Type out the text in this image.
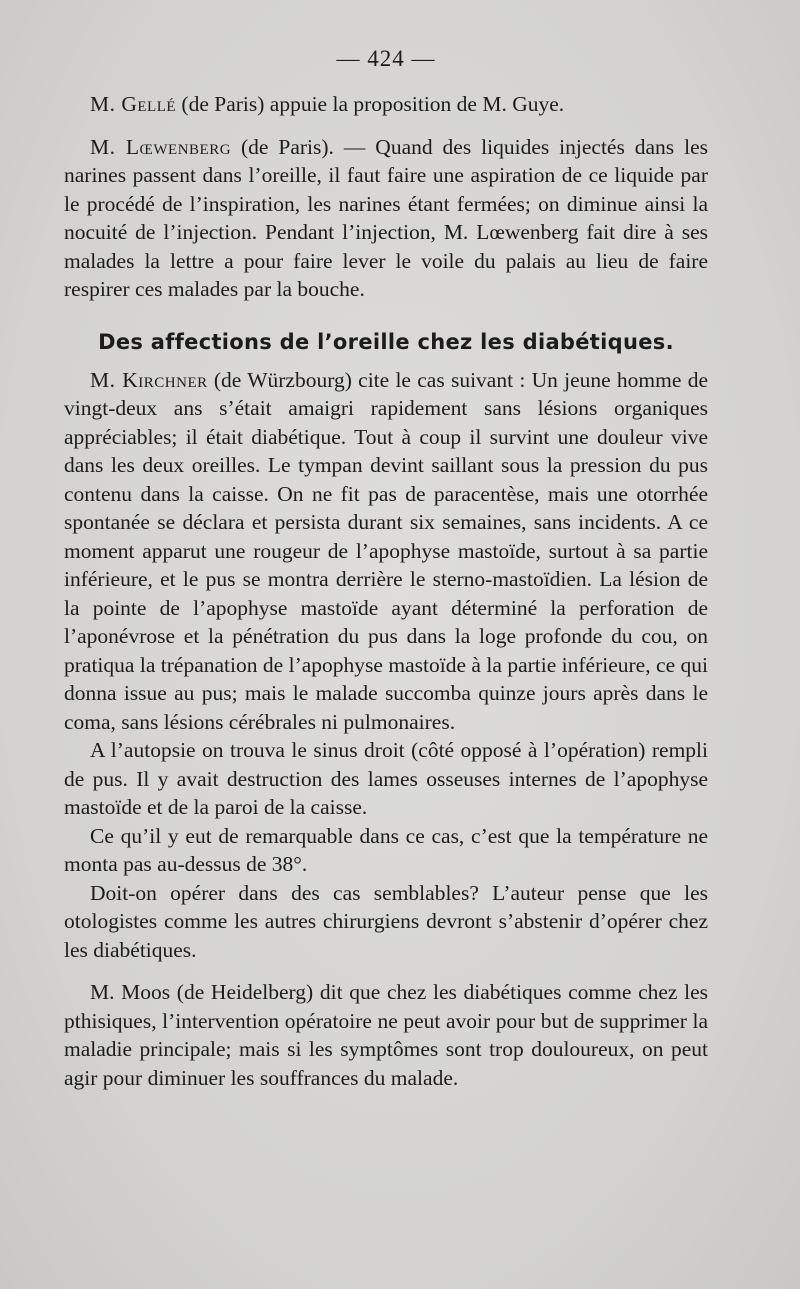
— 424 —

M. Gellé (de Paris) appuie la proposition de M. Guye.

M. Lœwenberg (de Paris). — Quand des liquides injectés dans les narines passent dans l’oreille, il faut faire une aspiration de ce liquide par le procédé de l’inspiration, les narines étant fermées; on diminue ainsi la nocuité de l’injection. Pendant l’injection, M. Lœwenberg fait dire à ses malades la lettre a pour faire lever le voile du palais au lieu de faire respirer ces malades par la bouche.

Des affections de l’oreille chez les diabétiques.

M. Kirchner (de Würzbourg) cite le cas suivant : Un jeune homme de vingt-deux ans s’était amaigri rapidement sans lésions organiques appréciables; il était diabétique. Tout à coup il survint une douleur vive dans les deux oreilles. Le tympan devint saillant sous la pression du pus contenu dans la caisse. On ne fit pas de paracentèse, mais une otorrhée spontanée se déclara et persista durant six semaines, sans incidents. A ce moment apparut une rougeur de l’apophyse mastoïde, surtout à sa partie inférieure, et le pus se montra derrière le sterno-mastoïdien. La lésion de la pointe de l’apophyse mastoïde ayant déterminé la perforation de l’aponévrose et la pénétration du pus dans la loge profonde du cou, on pratiqua la trépanation de l’apophyse mastoïde à la partie inférieure, ce qui donna issue au pus; mais le malade succomba quinze jours après dans le coma, sans lésions cérébrales ni pulmonaires.

A l’autopsie on trouva le sinus droit (côté opposé à l’opération) rempli de pus. Il y avait destruction des lames osseuses internes de l’apophyse mastoïde et de la paroi de la caisse.

Ce qu’il y eut de remarquable dans ce cas, c’est que la température ne monta pas au-dessus de 38°.

Doit-on opérer dans des cas semblables? L’auteur pense que les otologistes comme les autres chirurgiens devront s’abstenir d’opérer chez les diabétiques.

M. Moos (de Heidelberg) dit que chez les diabétiques comme chez les pthisiques, l’intervention opératoire ne peut avoir pour but de supprimer la maladie principale; mais si les symptômes sont trop douloureux, on peut agir pour diminuer les souffrances du malade.
